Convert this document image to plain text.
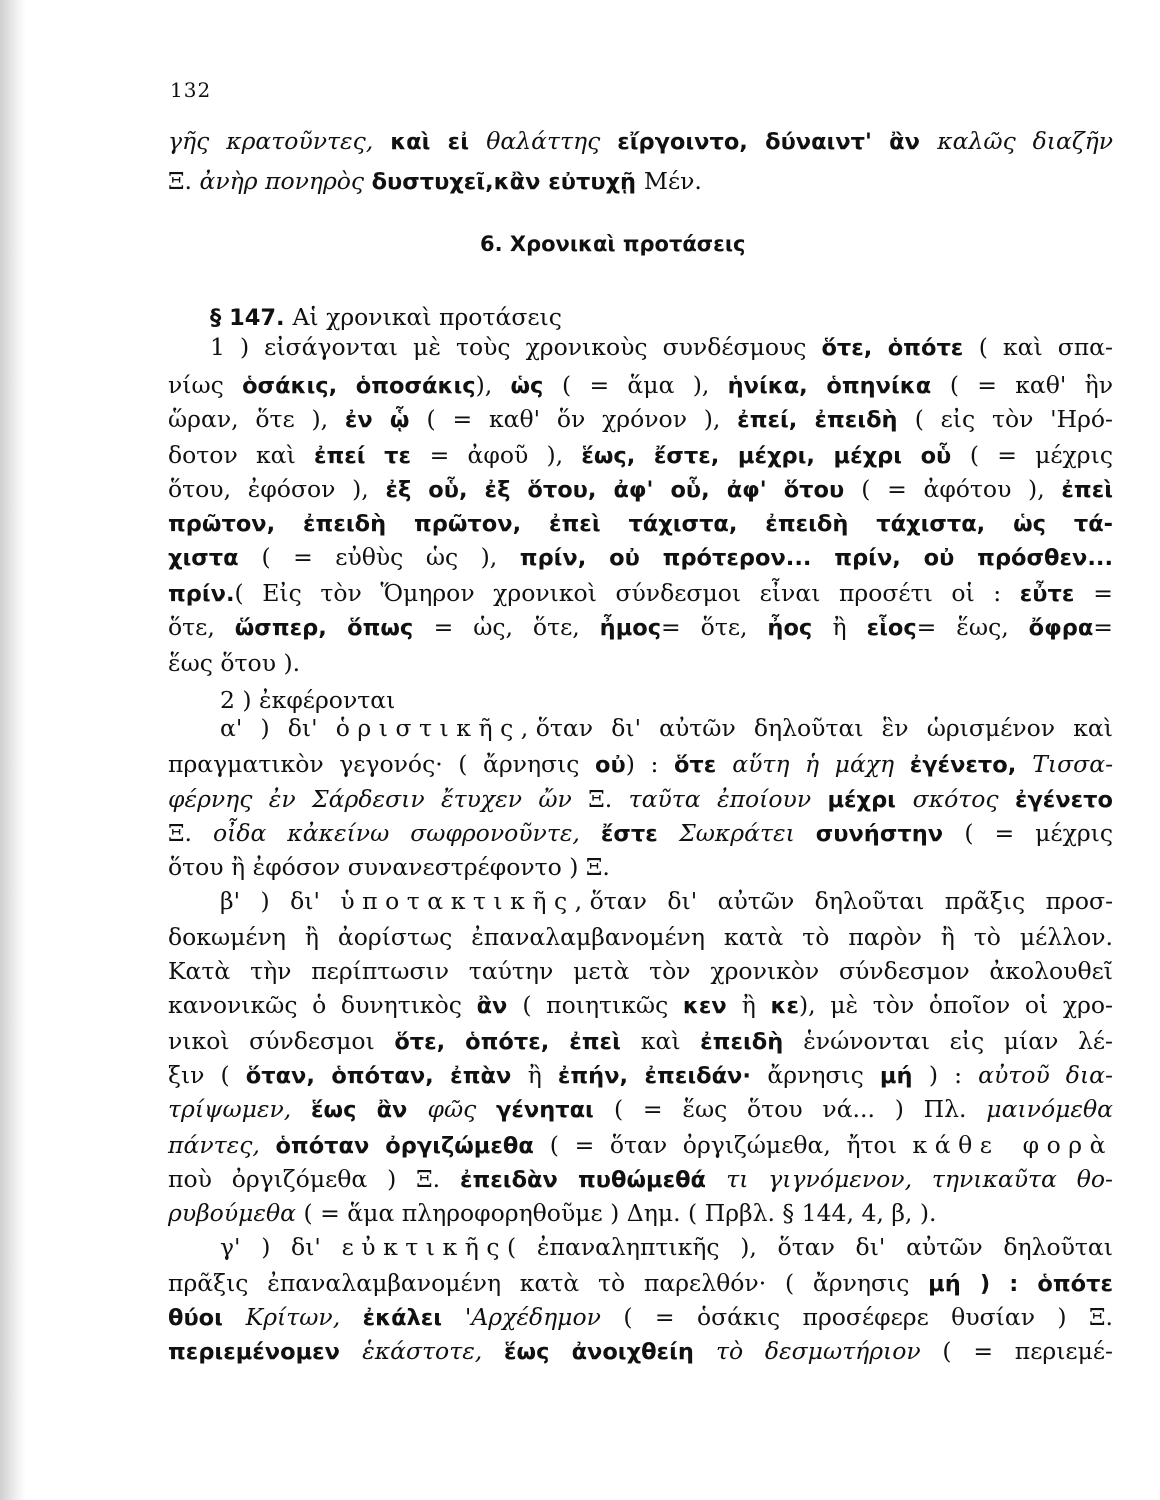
132
6. Χρονικαὶ προτάσεις
γῆς κρατοῦντες, καὶ εἰ θαλάττης εἴργοιντο, δύναιντ' ἂν καλῶς διαζῆν
Ξ. ἀνὴρ πονηρὸς δυστυχεῖ,κἂν εὐτυχῇ Μέν.
§ 147. Αἱ χρονικαὶ προτάσεις
1 ) εἰσάγονται μὲ τοὺς χρονικοὺς συνδέσμους ὅτε, ὁπότε ( καὶ σπα-
νίως ὁσάκις, ὁποσάκις), ὡς ( = ἅμα ), ἡνίκα, ὁπηνίκα ( = καθ' ἣν
ὥραν, ὅτε ), ἐν ᾧ ( = καθ' ὅν χρόνον ), ἐπεί, ἐπειδὴ ( εἰς τὸν 'Ηρό-
δοτον καὶ ἐπεί τε = ἀφοῦ ), ἕως, ἔστε, μέχρι, μέχρι οὗ ( = μέχρις
ὅτου, ἐφόσον ), ἐξ οὗ, ἐξ ὅτου, ἀφ' οὗ, ἀφ' ὅτου ( = ἀφότου ), ἐπεὶ
πρῶτον, ἐπειδὴ πρῶτον, ἐπεὶ τάχιστα, ἐπειδὴ τάχιστα, ὡς τά-
χιστα ( = εὐθὺς ὡς ), πρίν, οὐ πρότερον... πρίν, οὐ πρόσθεν...
πρίν.( Εἰς τὸν Ὅμηρον χρονικοὶ σύνδεσμοι εἶναι προσέτι οἱ : εὖτε =
ὅτε, ὥσπερ, ὅπως = ὡς, ὅτε, ἦμος= ὅτε, ἦος ἢ εἷος= ἕως, ὄφρα=
ἕως ὅτου ).
2 ) ἐκφέρονται
α' ) δι' ὁριστικῆς,ὅταν δι' αὐτῶν δηλοῦται ἓν ὡρισμένον καὶ
πραγματικὸν γεγονός· ( ἄρνησις οὐ) : ὅτε αὕτη ἡ μάχη ἐγένετο, Τισσα-
φέρνης ἐν Σάρδεσιν ἔτυχεν ὤν Ξ. ταῦτα ἐποίουν μέχρι σκότος ἐγένετο
Ξ. οἶδα κἀκείνω σωφρονοῦντε, ἔστε Σωκράτει συνήστην ( = μέχρις
ὅτου ἢ ἐφόσον συνανεστρέφοντο ) Ξ.
β' ) δι' ὑποτακτικῆς,ὅταν δι' αὐτῶν δηλοῦται πρᾶξις προσ-
δοκωμένη ἢ ἀορίστως ἐπαναλαμβανομένη κατὰ τὸ παρὸν ἢ τὸ μέλλον.
Κατὰ τὴν περίπτωσιν ταύτην μετὰ τὸν χρονικὸν σύνδεσμον ἀκολουθεῖ
κανονικῶς ὁ δυνητικὸς ἂν ( ποιητικῶς κεν ἢ κε), μὲ τὸν ὁποῖον οἱ χρο-
νικοὶ σύνδεσμοι ὅτε, ὁπότε, ἐπεὶ καὶ ἐπειδὴ ἑνώνονται εἰς μίαν λέ-
ξιν ( ὅταν, ὁπόταν, ἐπὰν ἢ ἐπήν, ἐπειδάν· ἄρνησις μή ) : αὐτοῦ δια-
τρίψωμεν, ἕως ἂν φῶς γένηται ( = ἕως ὅτου νά... ) Πλ. μαινόμεθα
πάντες, ὁπόταν ὀργιζώμεθα ( = ὅταν ὀργιζώμεθα, ἤτοι κάθε φορὰ
ποὺ ὀργιζόμεθα ) Ξ. ἐπειδὰν πυθώμεθά τι γιγνόμενον, τηνικαῦτα θο-
ρυβούμεθα ( = ἅμα πληροφορηθοῦμε ) Δημ. ( Πρβλ. § 144, 4, β, ).
γ' ) δι' εὐκτικῆς( ἐπαναληπτικῆς ), ὅταν δι' αὐτῶν δηλοῦται
πρᾶξις ἐπαναλαμβανομένη κατὰ τὸ παρελθόν· ( ἄρνησις μή ) : ὁπότε
θύοι Κρίτων, ἐκάλει 'Αρχέδημον ( = ὁσάκις προσέφερε θυσίαν ) Ξ.
περιεμένομεν ἑκάστοτε, ἕως ἀνοιχθείη τὸ δεσμωτήριον ( = περιεμέ-
